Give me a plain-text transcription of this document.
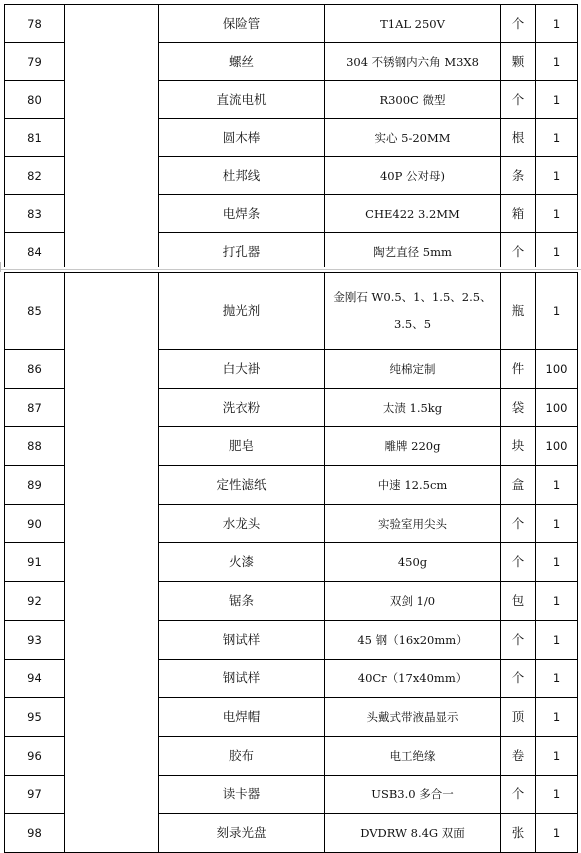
78		保险管	T1AL 250V	个	1
79		螺丝	304 不锈钢内六角 M3X8	颗	1
80		直流电机	R300C 微型	个	1
81		圆木棒	实心 5-20MM	根	1
82		杜邦线	40P 公对母)	条	1
83		电焊条	CHE422 3.2MM	箱	1
84		打孔器	陶艺直径 5mm	个	1
85		抛光剂	金刚石 W0.5、1、1.5、2.5、
3.5、5	瓶	1
86		白大褂	纯棉定制	件	100
87		洗衣粉	太渍 1.5kg	袋	100
88		肥皂	雕牌 220g	块	100
89		定性滤纸	中速 12.5cm	盒	1
90		水龙头	实验室用尖头	个	1
91		火漆	450g	个	1
92		锯条	双剑 1/0	包	1
93		钢试样	45 钢（16x20mm）	个	1
94		钢试样	40Cr（17x40mm）	个	1
95		电焊帽	头戴式带液晶显示	顶	1
96		胶布	电工绝缘	卷	1
97		读卡器	USB3.0 多合一	个	1
98		刻录光盘	DVDRW 8.4G 双面	张	1
